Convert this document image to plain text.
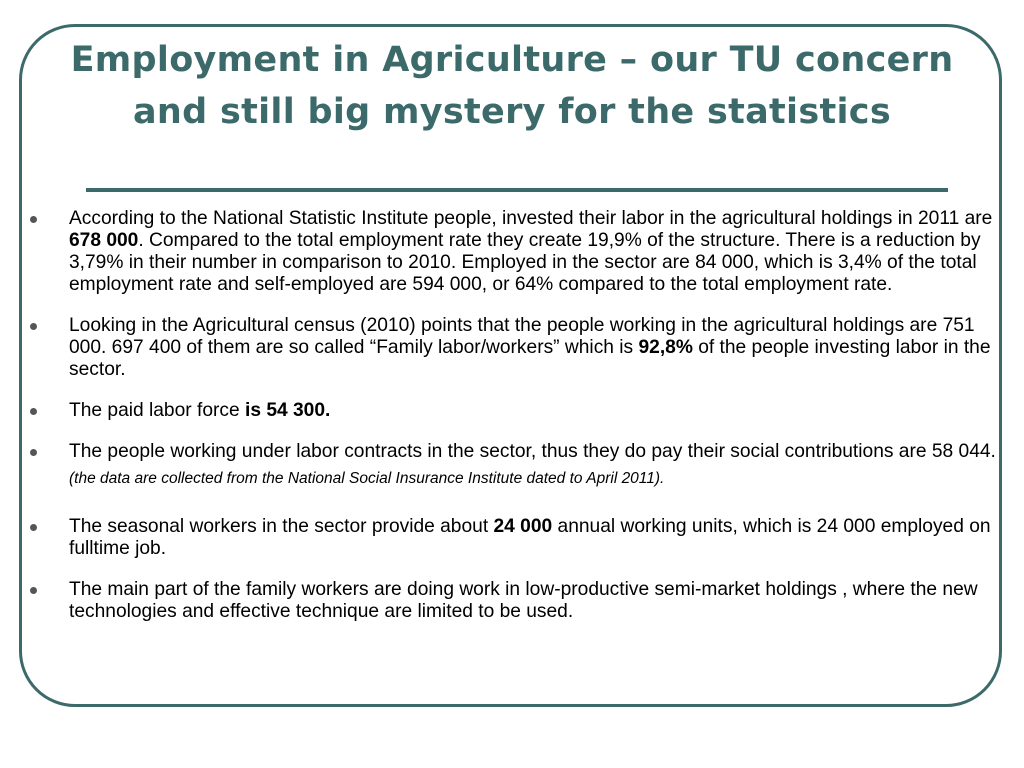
Employment in Agriculture – our TU concern and still big mystery for the statistics
According to the National Statistic Institute people, invested their labor in the agricultural holdings in 2011 are 678 000. Compared to the total employment rate they create 19,9% of the structure. There is a reduction by 3,79% in their number in comparison to 2010. Employed in the sector are 84 000, which is 3,4% of the total employment rate and self-employed are 594 000, or 64% compared to the total employment rate.
Looking in the Agricultural census (2010) points that the people working in the agricultural holdings are 751 000. 697 400 of them are so called “Family labor/workers” which is 92,8% of the people investing labor in the sector.
The paid labor force is 54 300.
The people working under labor contracts in the sector, thus they do pay their social contributions are 58 044.
(the data are collected from the National Social Insurance Institute dated to April 2011).
The seasonal workers in the sector provide about 24 000 annual working units, which is 24 000 employed on fulltime job.
The main part of the family workers are doing work in low-productive semi-market holdings , where the new technologies and effective technique are limited to be used.
